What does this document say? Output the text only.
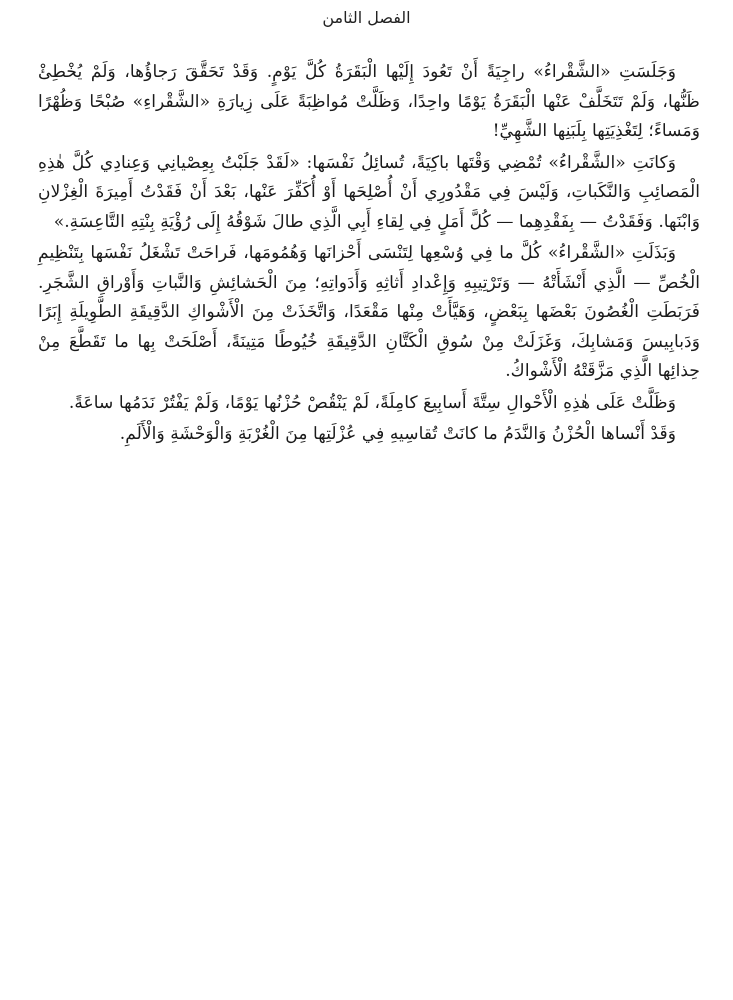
الفصل الثامن

وَجَلَسَتِ «الشَّقْراءُ» راجِيَةً أَنْ تَعُودَ إِلَيْها الْبَقَرَةُ كُلَّ يَوْمٍ. وَقَدْ تَحَقَّقَ رَجاؤُها، وَلَمْ يُخْطِئْ ظَنُّها، وَلَمْ تَتَخَلَّفْ عَنْها الْبَقَرَةُ يَوْمًا واحِدًا، وَظَلَّتْ مُواظِبَةً عَلَى زِيارَةِ «الشَّقْراءِ» صُبْحًا وَظُهْرًا وَمَساءً؛ لِتَغْذِيَتِها بِلَبَنِها الشَّهِيِّ!

وَكانَتِ «الشَّقْراءُ» تُمْضِي وَقْتَها باكِيَةً، تُسائِلُ نَفْسَها: «لَقَدْ جَلَبْتُ بِعِصْيانِي وَعِنادِي كُلَّ هٰذِهِ الْمَصائِبِ وَالنَّكَباتِ، وَلَيْسَ فِي مَقْدُورِي أَنْ أُصْلِحَها أَوْ أُكَفِّرَ عَنْها، بَعْدَ أَنْ فَقَدْتُ أَمِيرَةَ الْغِزْلانِ وَابْنَها. وَفَقَدْتُ — بِفَقْدِهِما — كُلَّ أَمَلٍ فِي لِقاءِ أَبِي الَّذِي طالَ شَوْقُهُ إِلَى رُؤْيَةِ بِنْتِهِ التَّاعِسَةِ.»

وَبَذَلَتِ «الشَّقْراءُ» كُلَّ ما فِي وُسْعِها لِتَنْسَى أَحْزانَها وَهُمُومَها، فَراحَتْ تَشْغَلُ نَفْسَها بِتَنْظِيمِ الْخُصِّ — الَّذِي أَنْشَأَتْهُ — وَتَرْتِيبِهِ وَإِعْدادِ أَثاثِهِ وَأَدَواتِهِ؛ مِنَ الْحَشائِشِ وَالنَّباتِ وَأَوْراقِ الشَّجَرِ. فَرَبَطَتِ الْغُصُونَ بَعْضَها بِبَعْضٍ، وَهَيَّأَتْ مِنْها مَقْعَدًا، وَاتَّخَذَتْ مِنَ الْأَشْواكِ الدَّقِيقَةِ الطَّوِيلَةِ إِبَرًا وَدَبابِيسَ وَمَشابِكَ، وَغَزَلَتْ مِنْ سُوقِ الْكَتَّانِ الدَّقِيقَةِ خُيُوطًا مَتِينَةً، أَصْلَحَتْ بِها ما تَقَطَّعَ مِنْ حِذائِها الَّذِي مَزَّقَتْهُ الْأَشْواكُ.

وَظَلَّتْ عَلَى هٰذِهِ الْأَحْوالِ سِتَّةَ أَسابِيعَ كامِلَةً، لَمْ يَنْقُصْ حُزْنُها يَوْمًا، وَلَمْ يَفْتُرْ نَدَمُها ساعَةً.

وَقَدْ أَنْساها الْحُزْنُ وَالنَّدَمُ ما كانَتْ تُقاسِيهِ فِي عُزْلَتِها مِنَ الْغُرْبَةِ وَالْوَحْشَةِ وَالْأَلَمِ.
